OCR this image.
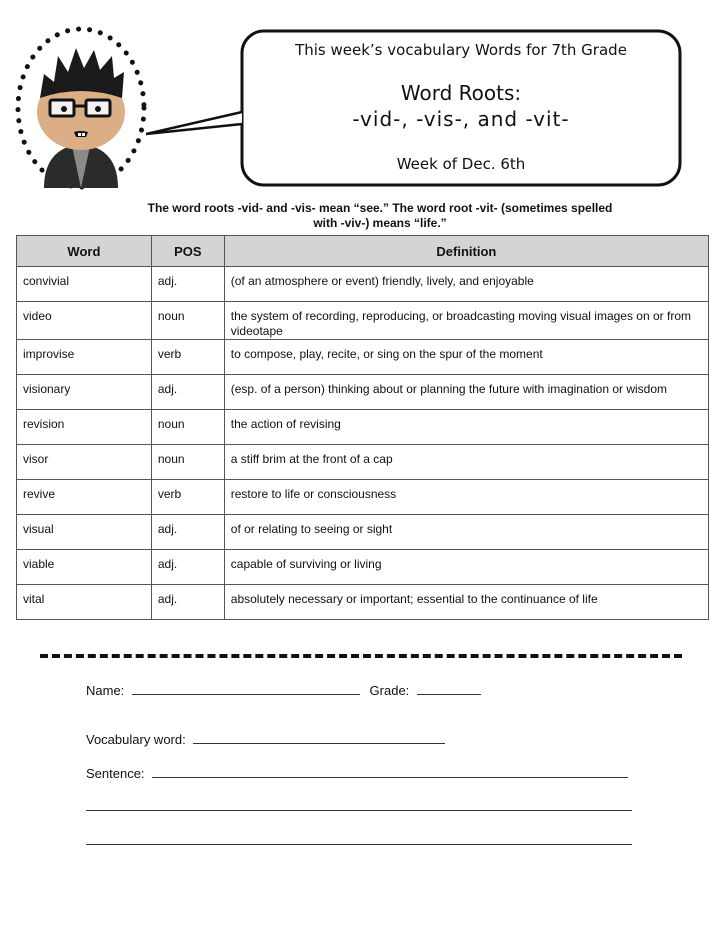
This week’s vocabulary Words for 7th Grade
Word Roots:
-vid-, -vis-, and -vit-
Week of Dec. 6th
The word roots -vid- and -vis- mean “see.” The word root -vit- (sometimes spelled
with -viv-) means “life.”
Word	POS	Definition
convivial	adj.	(of an atmosphere or event) friendly, lively, and enjoyable
video	noun	the system of recording, reproducing, or broadcasting moving visual images on or from videotape
improvise	verb	to compose, play, recite, or sing on the spur of the moment
visionary	adj.	(esp. of a person) thinking about or planning the future with imagination or wisdom
revision	noun	the action of revising
visor	noun	a stiff brim at the front of a cap
revive	verb	restore to life or consciousness
visual	adj.	of or relating to seeing or sight
viable	adj.	capable of surviving or living
vital	adj.	absolutely necessary or important; essential to the continuance of life
Name:	Grade:
Vocabulary word:
Sentence:
